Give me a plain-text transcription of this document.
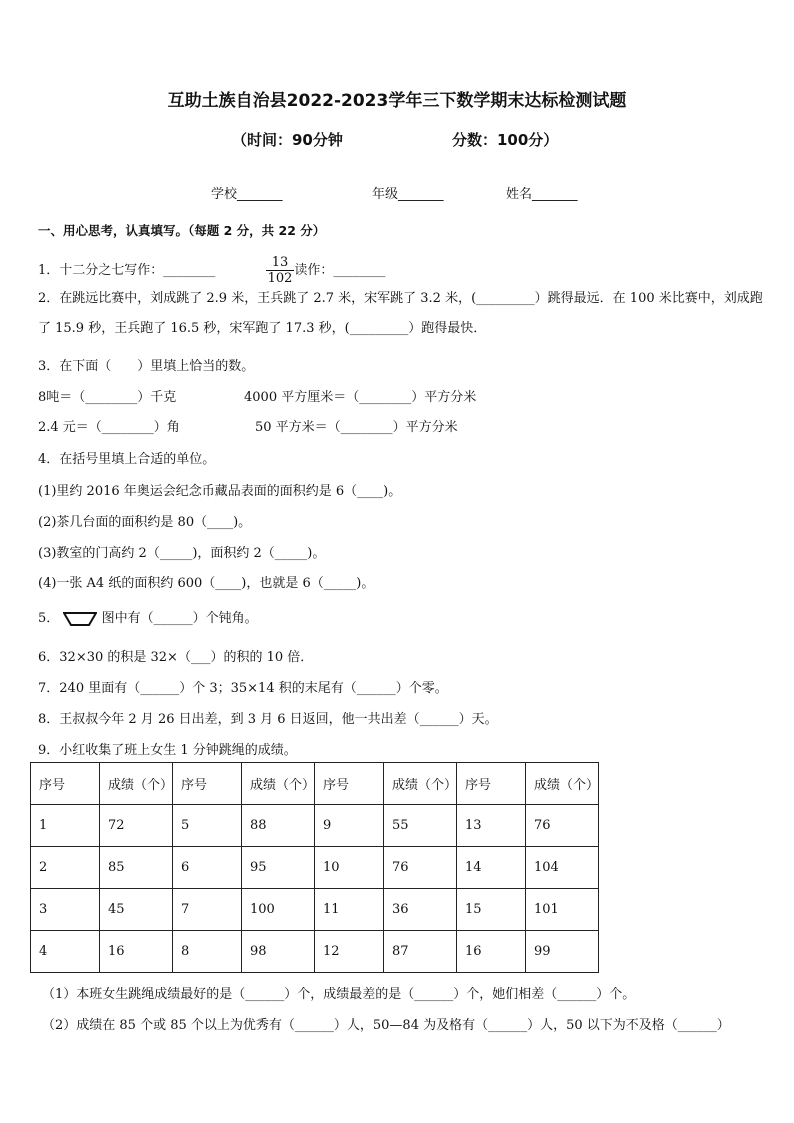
互助土族自治县2022-2023学年三下数学期末达标检测试题
（时间：90分钟	分数：100分）
学校_______	年级_______	姓名_______
一、用心思考，认真填写。（每题 2 分，共 22 分）
1．十二分之七写作：________	$\frac{13}{102}$ 读作：________
2．在跳远比赛中，刘成跳了 2.9 米，王兵跳了 2.7 米，宋军跳了 3.2 米，(_________）跳得最远．在 100 米比赛中，刘成跑了 15.9 秒，王兵跑了 16.5 秒，宋军跑了 17.3 秒，(_________）跑得最快．
3．在下面（　　）里填上恰当的数。
8吨＝（________）千克	4000 平方厘米＝（________）平方分米
2.4 元＝（________）角	50 平方米＝（________）平方分米
4．在括号里填上合适的单位。
(1)里约 2016 年奥运会纪念币藏品表面的面积约是 6（____)。
(2)茶几台面的面积约是 80（____)。
(3)教室的门高约 2（_____)，面积约 2（_____)。
(4)一张 A4 纸的面积约 600（____)，也就是 6（_____)。
5．	图中有（______）个钝角。
6．32×30 的积是 32×（___）的积的 10 倍．
7．240 里面有（______）个 3；35×14 积的末尾有（______）个零。
8．王叔叔今年 2 月 26 日出差，到 3 月 6 日返回，他一共出差（______）天。
9．小红收集了班上女生 1 分钟跳绳的成绩。
序号	成绩（个）	序号	成绩（个）	序号	成绩（个）	序号	成绩（个）
1	72	5	88	9	55	13	76
2	85	6	95	10	76	14	104
3	45	7	100	11	36	15	101
4	16	8	98	12	87	16	99
（1）本班女生跳绳成绩最好的是（______）个，成绩最差的是（______）个，她们相差（______）个。
（2）成绩在 85 个或 85 个以上为优秀有（______）人，50—84 为及格有（______）人，50 以下为不及格（______）
